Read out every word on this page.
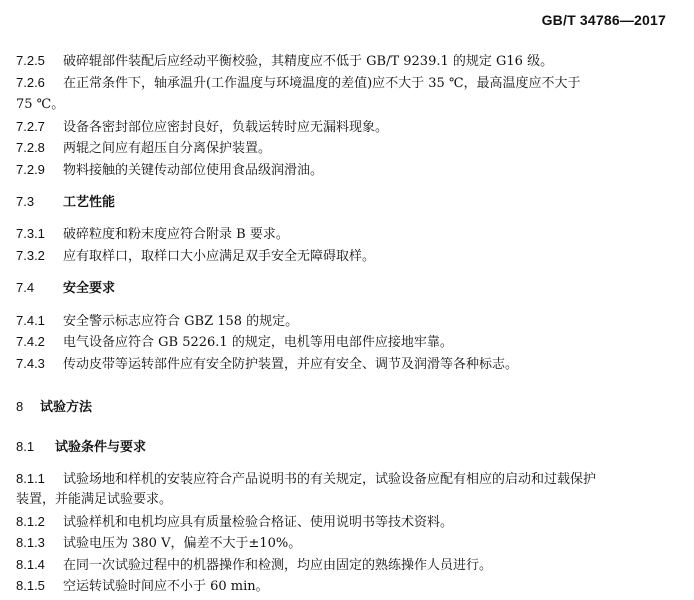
GB/T 34786—2017
7.2.5 破碎辊部件装配后应经动平衡校验，其精度应不低于 GB/T 9239.1 的规定 G16 级。
7.2.6 在正常条件下，轴承温升(工作温度与环境温度的差值)应不大于 35 ℃，最高温度应不大于
75 ℃。
7.2.7 设备各密封部位应密封良好，负载运转时应无漏料现象。
7.2.8 两辊之间应有超压自分离保护装置。
7.2.9 物料接触的关键传动部位使用食品级润滑油。
7.3 工艺性能
7.3.1 破碎粒度和粉末度应符合附录 B 要求。
7.3.2 应有取样口，取样口大小应满足双手安全无障碍取样。
7.4 安全要求
7.4.1 安全警示标志应符合 GBZ 158 的规定。
7.4.2 电气设备应符合 GB 5226.1 的规定，电机等用电部件应接地牢靠。
7.4.3 传动皮带等运转部件应有安全防护装置，并应有安全、调节及润滑等各种标志。
8 试验方法
8.1 试验条件与要求
8.1.1 试验场地和样机的安装应符合产品说明书的有关规定，试验设备应配有相应的启动和过载保护
装置，并能满足试验要求。
8.1.2 试验样机和电机均应具有质量检验合格证、使用说明书等技术资料。
8.1.3 试验电压为 380 V，偏差不大于±10%。
8.1.4 在同一次试验过程中的机器操作和检测，均应由固定的熟练操作人员进行。
8.1.5 空运转试验时间应不小于 60 min。
